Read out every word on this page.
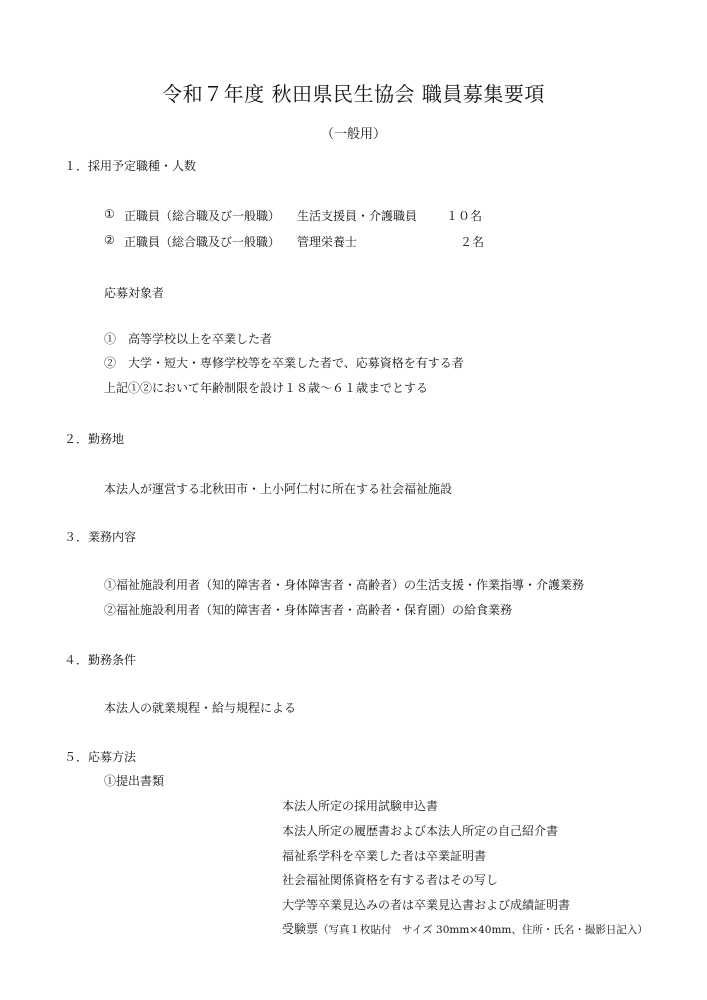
令和７年度 秋田県民生協会 職員募集要項
（一般用）
１．採用予定職種・人数
① 正職員（総合職及び一般職） 生活支援員・介護職員 １０名
② 正職員（総合職及び一般職） 管理栄養士	２名
応募対象者
①　高等学校以上を卒業した者
②　大学・短大・専修学校等を卒業した者で、応募資格を有する者
上記①②において年齢制限を設け１８歳～６１歳までとする
２．勤務地
本法人が運営する北秋田市・上小阿仁村に所在する社会福祉施設
３．業務内容
①福祉施設利用者（知的障害者・身体障害者・高齢者）の生活支援・作業指導・介護業務
②福祉施設利用者（知的障害者・身体障害者・高齢者・保育園）の給食業務
４．勤務条件
本法人の就業規程・給与規程による
５．応募方法
①提出書類
本法人所定の採用試験申込書
本法人所定の履歴書および本法人所定の自己紹介書
福祉系学科を卒業した者は卒業証明書
社会福祉関係資格を有する者はその写し
大学等卒業見込みの者は卒業見込書および成績証明書
受験票（写真１枚貼付　サイズ 30mm×40mm、住所・氏名・撮影日記入）
